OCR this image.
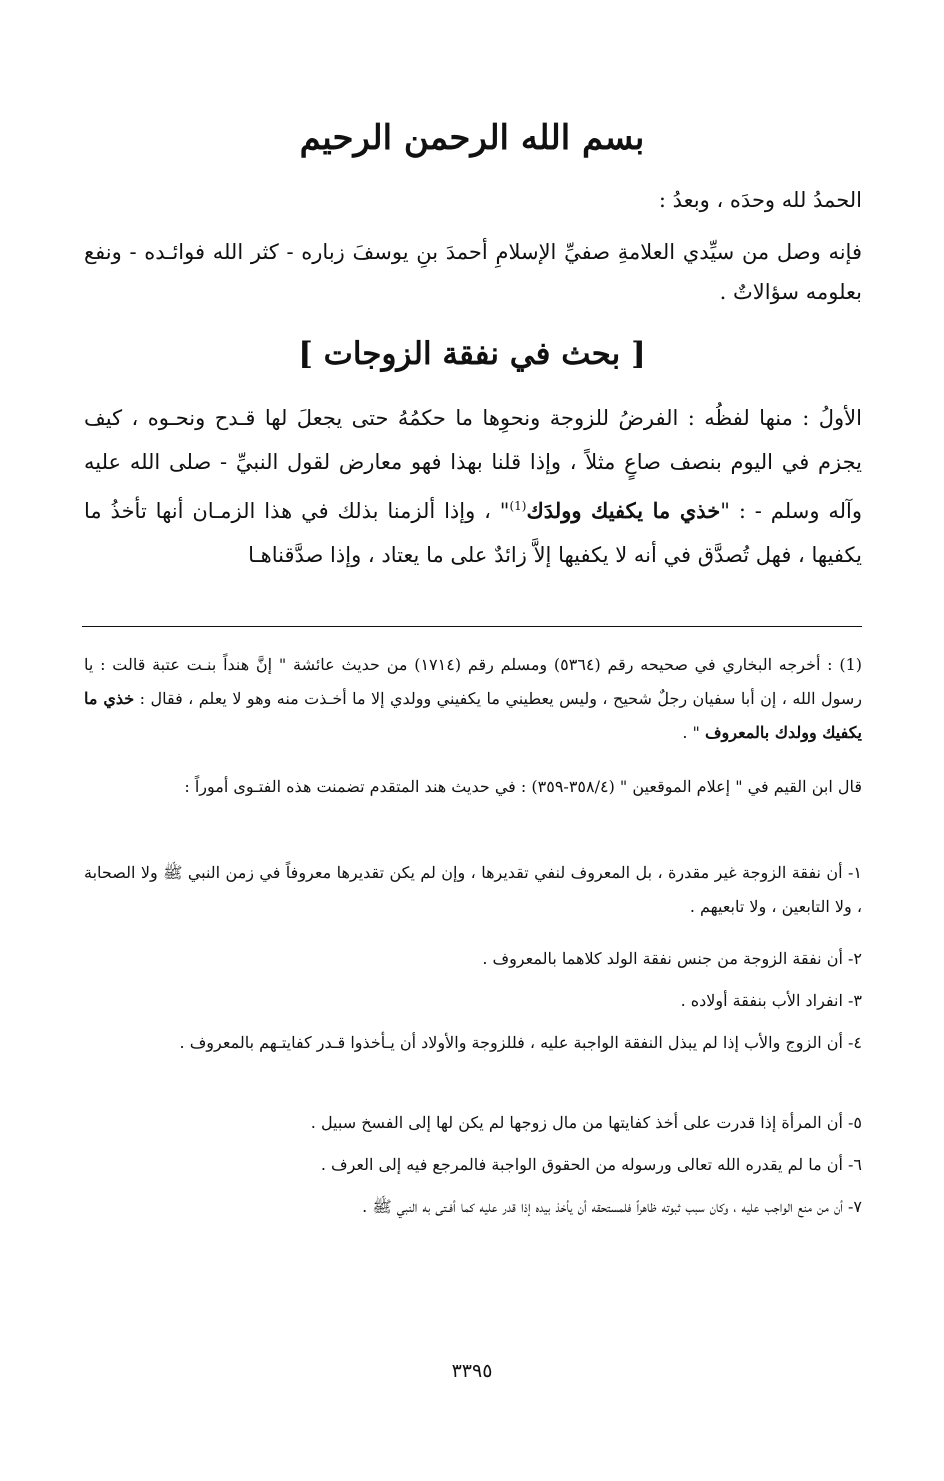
بسم الله الرحمن الرحيم
الحمدُ لله وحدَه ، وبعدُ :
فإنه وصل من سيِّدي العلامةِ صفيِّ الإسلامِ أحمدَ بنِ يوسفَ زباره - كثر الله فوائـده - ونفع بعلومه سؤالاتٌ .
[ بحث في نفقة الزوجات ]
الأولُ : منها لفظُه : الفرضُ للزوجة ونحوِها ما حكمُهُ حتى يجعلَ لها قـدح ونحـوه ، كيف يجزم في اليوم بنصف صاعٍ مثلاً ، وإذا قلنا بهذا فهو معارض لقول النبيِّ - صلى الله عليه وآله وسلم - : "خذي ما يكفيك وولدَك$^{(1)}$" ، وإذا ألزمنا بذلك في هذا الزمـان أنها تأخذُ ما يكفيها ، فهل تُصدَّق في أنه لا يكفيها إلاَّ زائدٌ على ما يعتاد ، وإذا صدَّقناهـا
(1) : أخرجه البخاري في صحيحه رقم (٥٣٦٤) ومسلم رقم (١٧١٤) من حديث عائشة " إنَّ هنداً بنـت عتبة قالت : يا رسول الله ، إن أبا سفيان رجلٌ شحيح ، وليس يعطيني ما يكفيني وولدي إلا ما أخـذت منه وهو لا يعلم ، فقال : خذي ما يكفيك وولدك بالمعروف " .
قال ابن القيم في " إعلام الموقعين " (٣٥٨/٤-٣٥٩) : في حديث هند المتقدم تضمنت هذه الفتـوى أموراً :
١- أن نفقة الزوجة غير مقدرة ، بل المعروف لنفي تقديرها ، وإن لم يكن تقديرها معروفاً في زمن النبي ﷺ ولا الصحابة ، ولا التابعين ، ولا تابعيهم .
٢- أن نفقة الزوجة من جنس نفقة الولد كلاهما بالمعروف .
٣- انفراد الأب بنفقة أولاده .
٤- أن الزوج والأب إذا لم يبذل النفقة الواجبة عليه ، فللزوجة والأولاد أن يـأخذوا قـدر كفايتـهم بالمعروف .
٥- أن المرأة إذا قدرت على أخذ كفايتها من مال زوجها لم يكن لها إلى الفسخ سبيل .
٦- أن ما لم يقدره الله تعالى ورسوله من الحقوق الواجبة فالمرجع فيه إلى العرف .
٧- أن من منع الواجب عليه ، وكان سبب ثبوته ظاهراً فلمستحقه أن يأخذ بيده إذا قدر عليه كما أفـتى به النبي ﷺ .
٣٣٩٥
